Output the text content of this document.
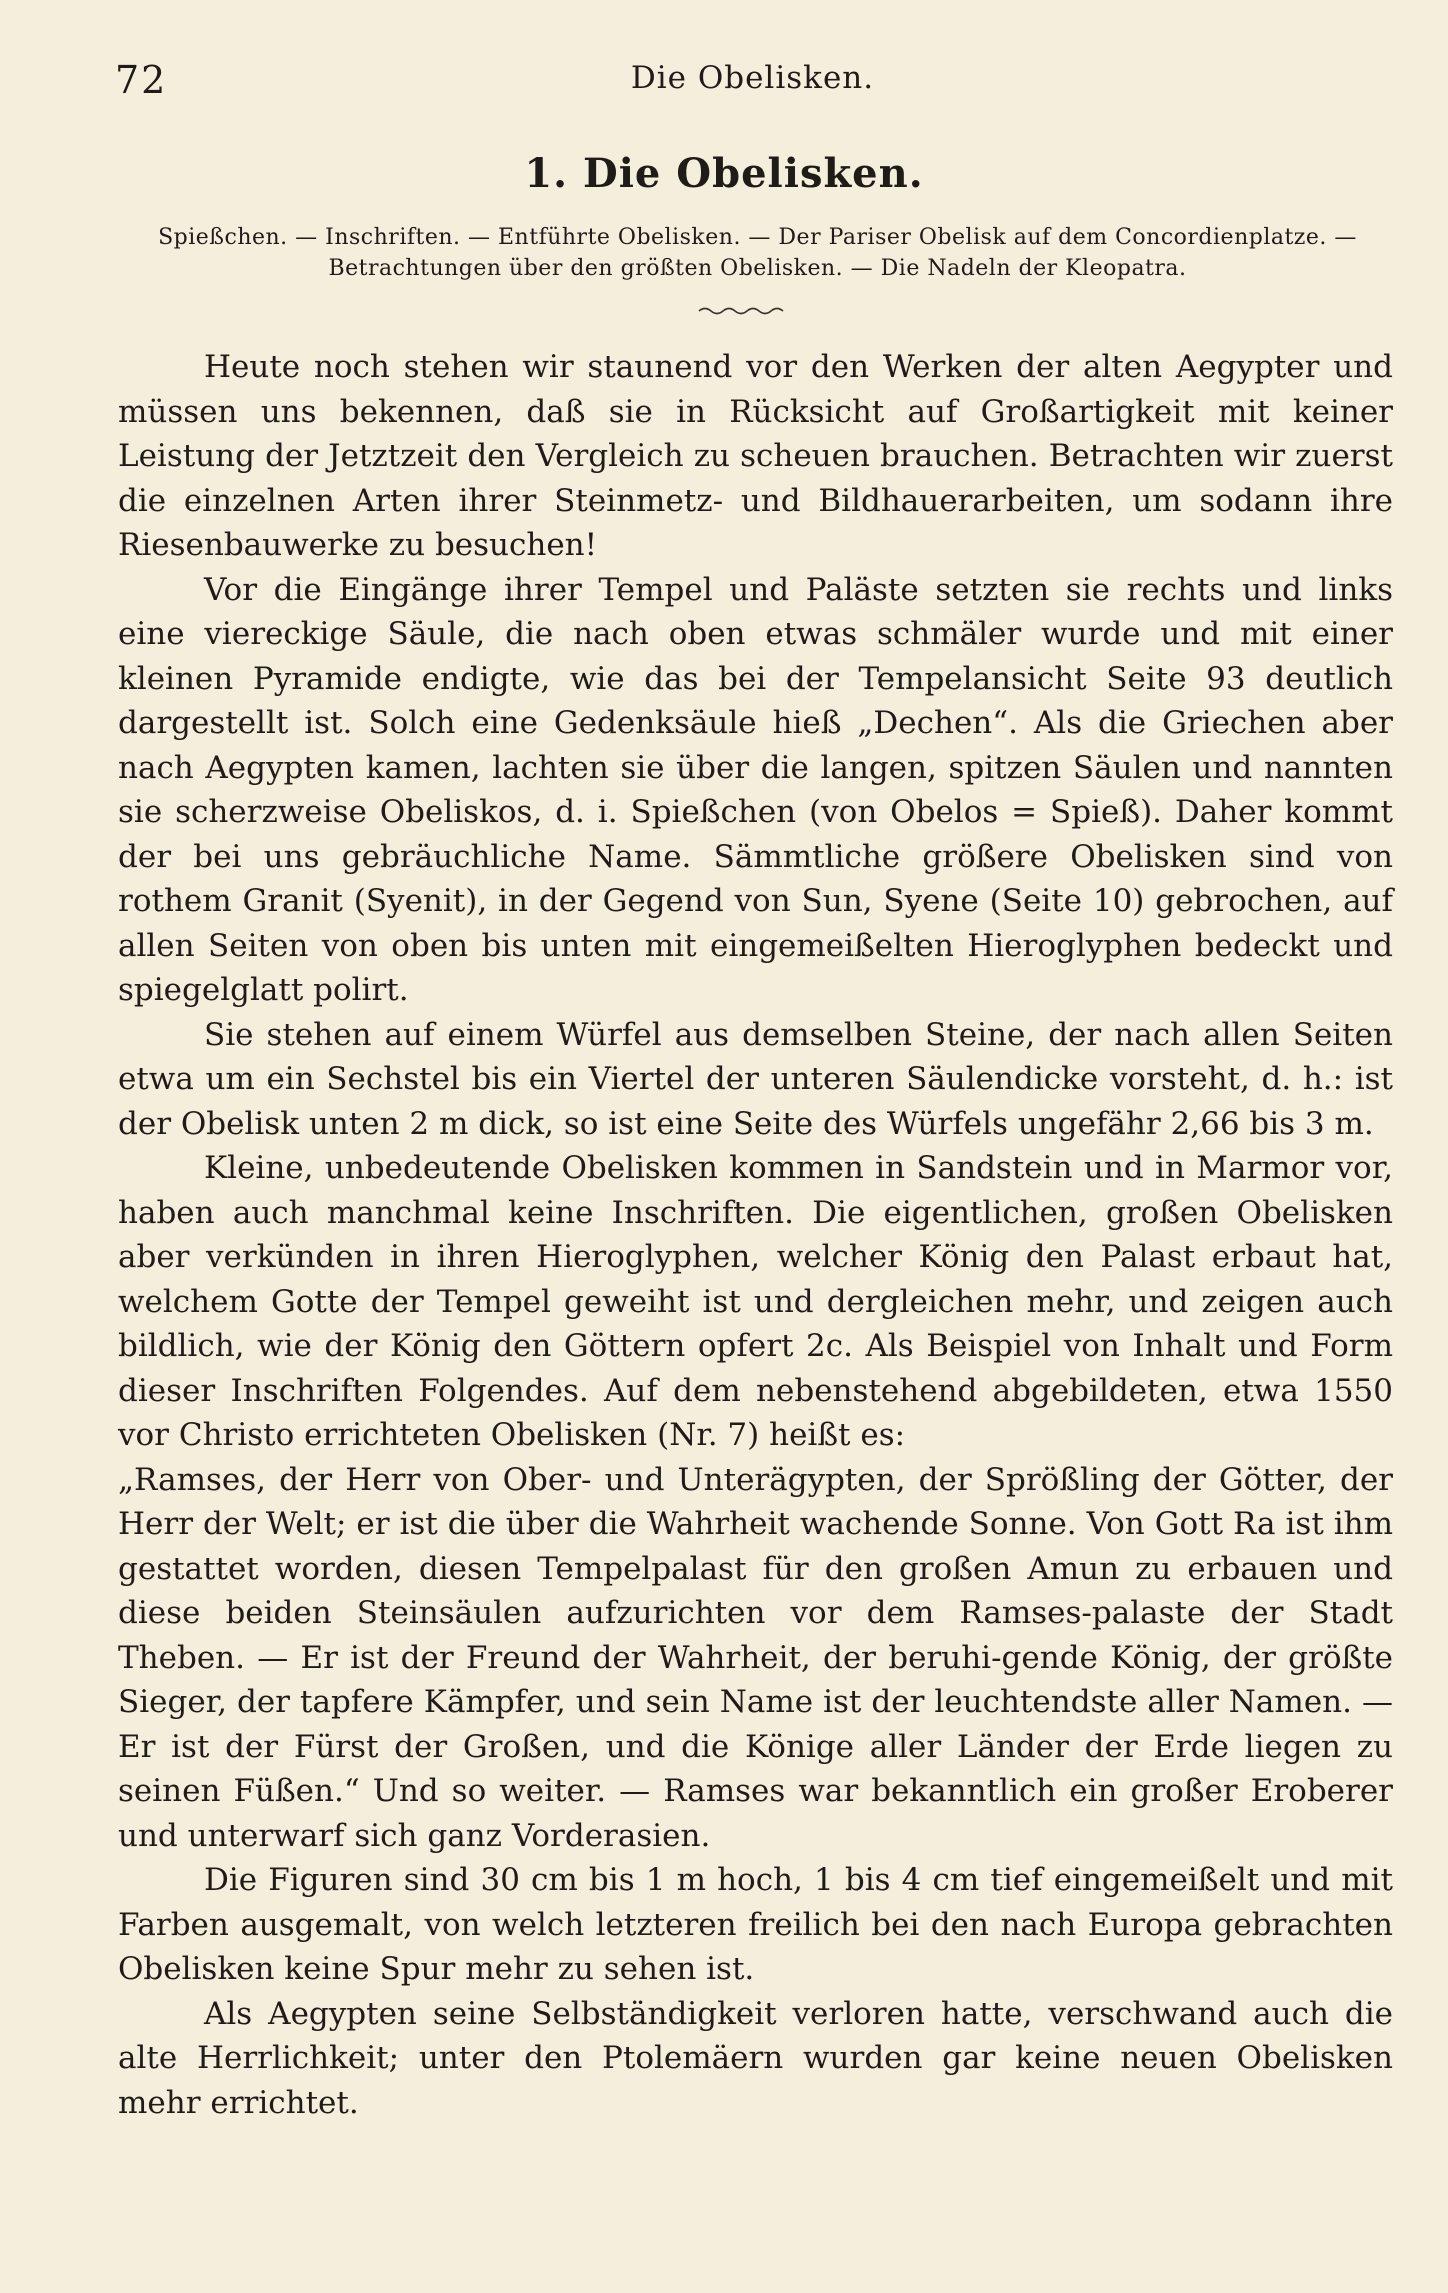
72	Die Obelisken.
1. Die Obelisken.
Spießchen. — Inschriften. — Entführte Obelisken. — Der Pariser Obelisk auf dem Concordienplatze. —
Betrachtungen über den größten Obelisken. — Die Nadeln der Kleopatra.

Heute noch stehen wir staunend vor den Werken der alten Aegypter und müssen uns bekennen, daß sie in Rücksicht auf Großartigkeit mit keiner Leistung der Jetztzeit den Vergleich zu scheuen brauchen. Betrachten wir zuerst die einzelnen Arten ihrer Steinmetz- und Bildhauerarbeiten, um sodann ihre Riesenbauwerke zu besuchen!

Vor die Eingänge ihrer Tempel und Paläste setzten sie rechts und links eine viereckige Säule, die nach oben etwas schmäler wurde und mit einer kleinen Pyramide endigte, wie das bei der Tempelansicht Seite 93 deutlich dargestellt ist. Solch eine Gedenksäule hieß „Dechen“. Als die Griechen aber nach Aegypten kamen, lachten sie über die langen, spitzen Säulen und nannten sie scherzweise Obeliskos, d. i. Spießchen (von Obelos = Spieß). Daher kommt der bei uns gebräuchliche Name. Sämmtliche größere Obelisken sind von rothem Granit (Syenit), in der Gegend von Sun, Syene (Seite 10) gebrochen, auf allen Seiten von oben bis unten mit eingemeißelten Hieroglyphen bedeckt und spiegelglatt polirt.

Sie stehen auf einem Würfel aus demselben Steine, der nach allen Seiten etwa um ein Sechstel bis ein Viertel der unteren Säulendicke vorsteht, d. h.: ist der Obelisk unten 2 m dick, so ist eine Seite des Würfels ungefähr 2,66 bis 3 m.

Kleine, unbedeutende Obelisken kommen in Sandstein und in Marmor vor, haben auch manchmal keine Inschriften. Die eigentlichen, großen Obelisken aber verkünden in ihren Hieroglyphen, welcher König den Palast erbaut hat, welchem Gotte der Tempel geweiht ist und dergleichen mehr, und zeigen auch bildlich, wie der König den Göttern opfert 2c. Als Beispiel von Inhalt und Form dieser Inschriften Folgendes. Auf dem nebenstehend abgebildeten, etwa 1550 vor Christo errichteten Obelisken (Nr. 7) heißt es:

„Ramses, der Herr von Ober- und Unterägypten, der Sprößling der Götter, der Herr der Welt; er ist die über die Wahrheit wachende Sonne. Von Gott Ra ist ihm gestattet worden, diesen Tempelpalast für den großen Amun zu erbauen und diese beiden Steinsäulen aufzurichten vor dem Ramses-palaste der Stadt Theben. — Er ist der Freund der Wahrheit, der beruhi-gende König, der größte Sieger, der tapfere Kämpfer, und sein Name ist der leuchtendste aller Namen. — Er ist der Fürst der Großen, und die Könige aller Länder der Erde liegen zu seinen Füßen.“ Und so weiter. — Ramses war bekanntlich ein großer Eroberer und unterwarf sich ganz Vorderasien.

Die Figuren sind 30 cm bis 1 m hoch, 1 bis 4 cm tief eingemeißelt und mit Farben ausgemalt, von welch letzteren freilich bei den nach Europa gebrachten Obelisken keine Spur mehr zu sehen ist.

Als Aegypten seine Selbständigkeit verloren hatte, verschwand auch die alte Herrlichkeit; unter den Ptolemäern wurden gar keine neuen Obelisken mehr errichtet.
